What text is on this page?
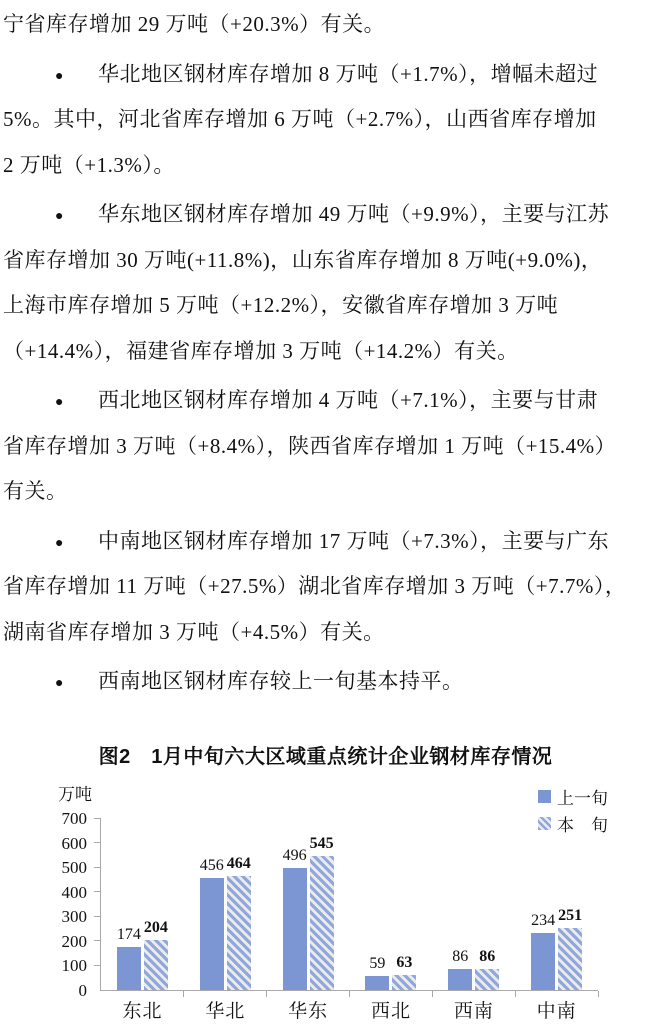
宁省库存增加 29 万吨（+20.3%）有关。
● 华北地区钢材库存增加 8 万吨（+1.7%），增幅未超过
5%。其中，河北省库存增加 6 万吨（+2.7%），山西省库存增加
2 万吨（+1.3%）。
● 华东地区钢材库存增加 49 万吨（+9.9%），主要与江苏
省库存增加 30 万吨(+11.8%)，山东省库存增加 8 万吨(+9.0%)，
上海市库存增加 5 万吨（+12.2%），安徽省库存增加 3 万吨
（+14.4%），福建省库存增加 3 万吨（+14.2%）有关。
● 西北地区钢材库存增加 4 万吨（+7.1%），主要与甘肃
省库存增加 3 万吨（+8.4%），陕西省库存增加 1 万吨（+15.4%）
有关。
● 中南地区钢材库存增加 17 万吨（+7.3%），主要与广东
省库存增加 11 万吨（+27.5%）湖北省库存增加 3 万吨（+7.7%），
湖南省库存增加 3 万吨（+4.5%）有关。
● 西南地区钢材库存较上一旬基本持平。
图2　1月中旬六大区域重点统计企业钢材库存情况
万吨
0
100
200
300
400
500
600
700
东北	华北	华东	西北	西南	中南
174 204
456 464	496
545
59 63	86 86
234 251
上一旬
本　旬
